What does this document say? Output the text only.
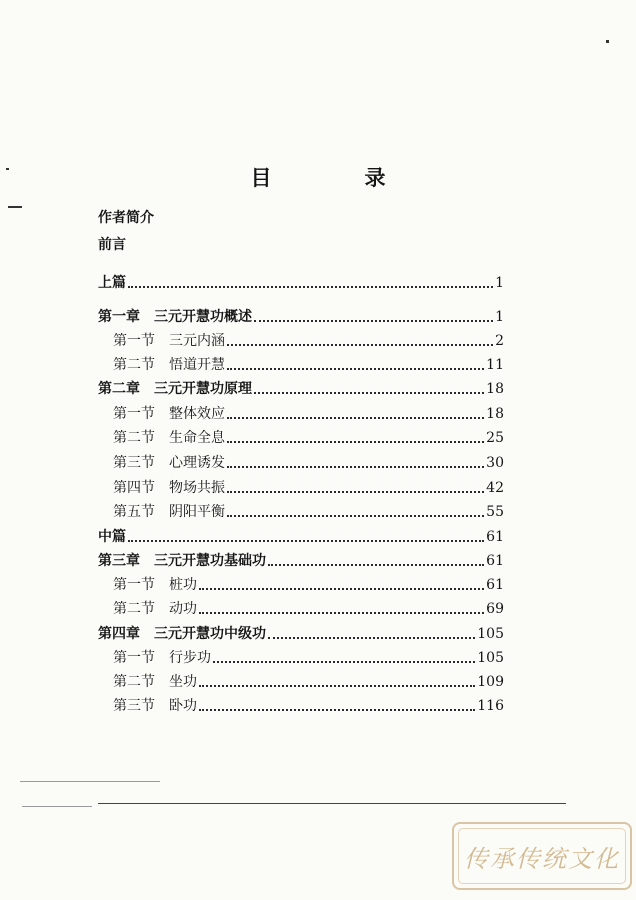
目　录
作者简介
前言
上篇	1
第一章　三元开慧功概述	1
第一节 三元内涵	2
第二节 悟道开慧	11
第二章　三元开慧功原理	18
第一节 整体效应	18
第二节 生命全息	25
第三节 心理诱发	30
第四节 物场共振	42
第五节 阴阳平衡	55
中篇	61
第三章　三元开慧功基础功	61
第一节 桩功	61
第二节 动功	69
第四章　三元开慧功中级功	105
第一节 行步功	105
第二节 坐功	109
第三节 卧功	116
传承传统文化
